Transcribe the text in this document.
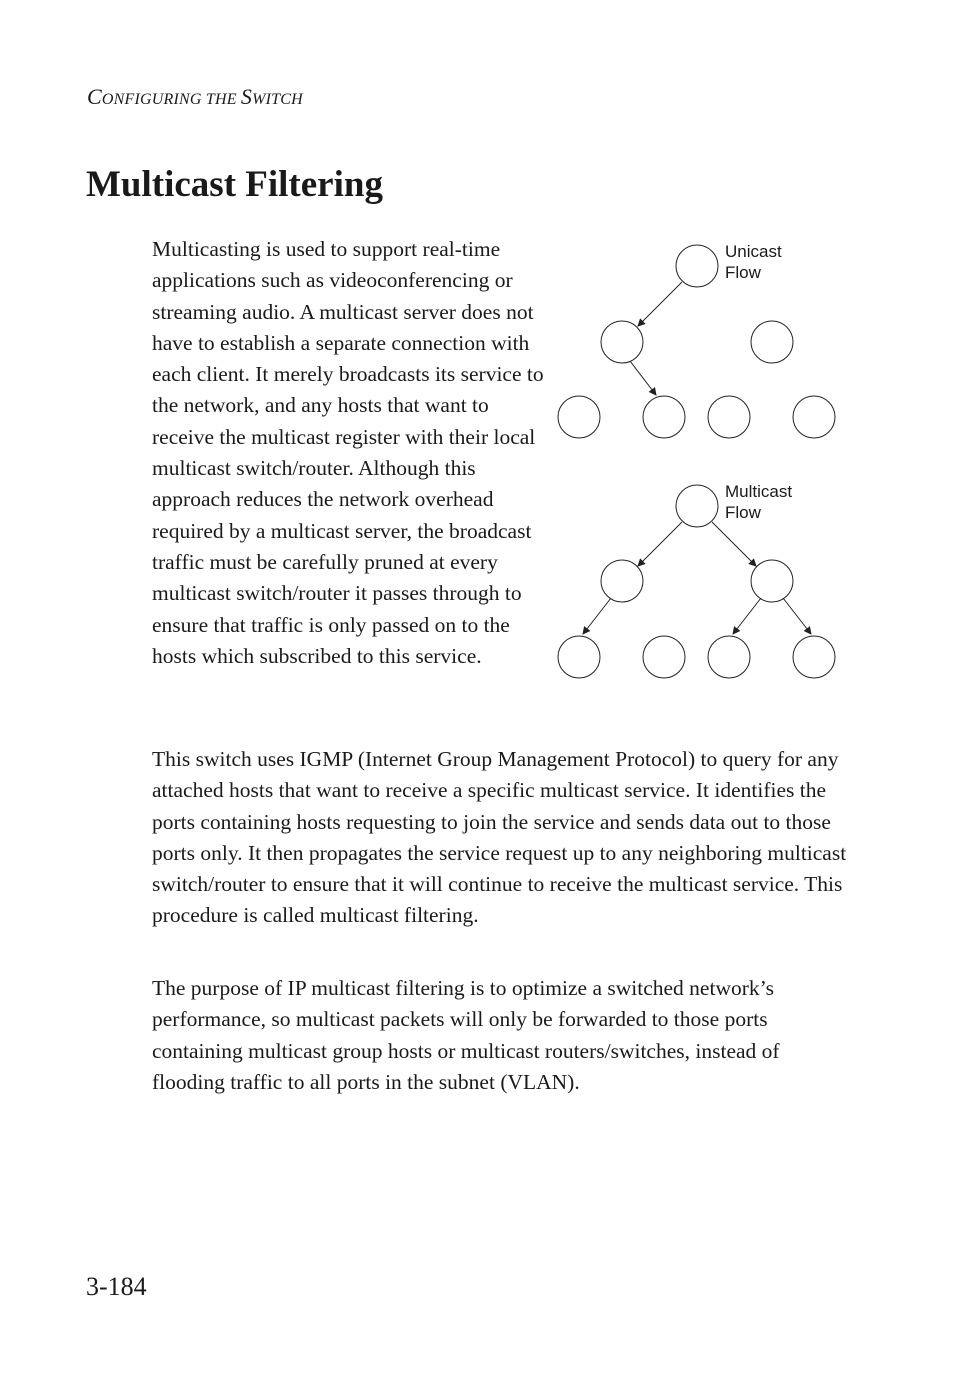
CONFIGURING THE SWITCH
Multicast Filtering

Multicasting is used to support real-time applications such as videoconferencing or streaming audio. A multicast server does not have to establish a separate connection with each client. It merely broadcasts its service to the network, and any hosts that want to receive the multicast register with their local multicast switch/router. Although this approach reduces the network overhead required by a multicast server, the broadcast traffic must be carefully pruned at every multicast switch/router it passes through to ensure that traffic is only passed on to the hosts which subscribed to this service.

Unicast
Flow
Multicast
Flow

This switch uses IGMP (Internet Group Management Protocol) to query for any attached hosts that want to receive a specific multicast service. It identifies the ports containing hosts requesting to join the service and sends data out to those ports only. It then propagates the service request up to any neighboring multicast switch/router to ensure that it will continue to receive the multicast service. This procedure is called multicast filtering.

The purpose of IP multicast filtering is to optimize a switched network’s performance, so multicast packets will only be forwarded to those ports containing multicast group hosts or multicast routers/switches, instead of flooding traffic to all ports in the subnet (VLAN).

3-184
